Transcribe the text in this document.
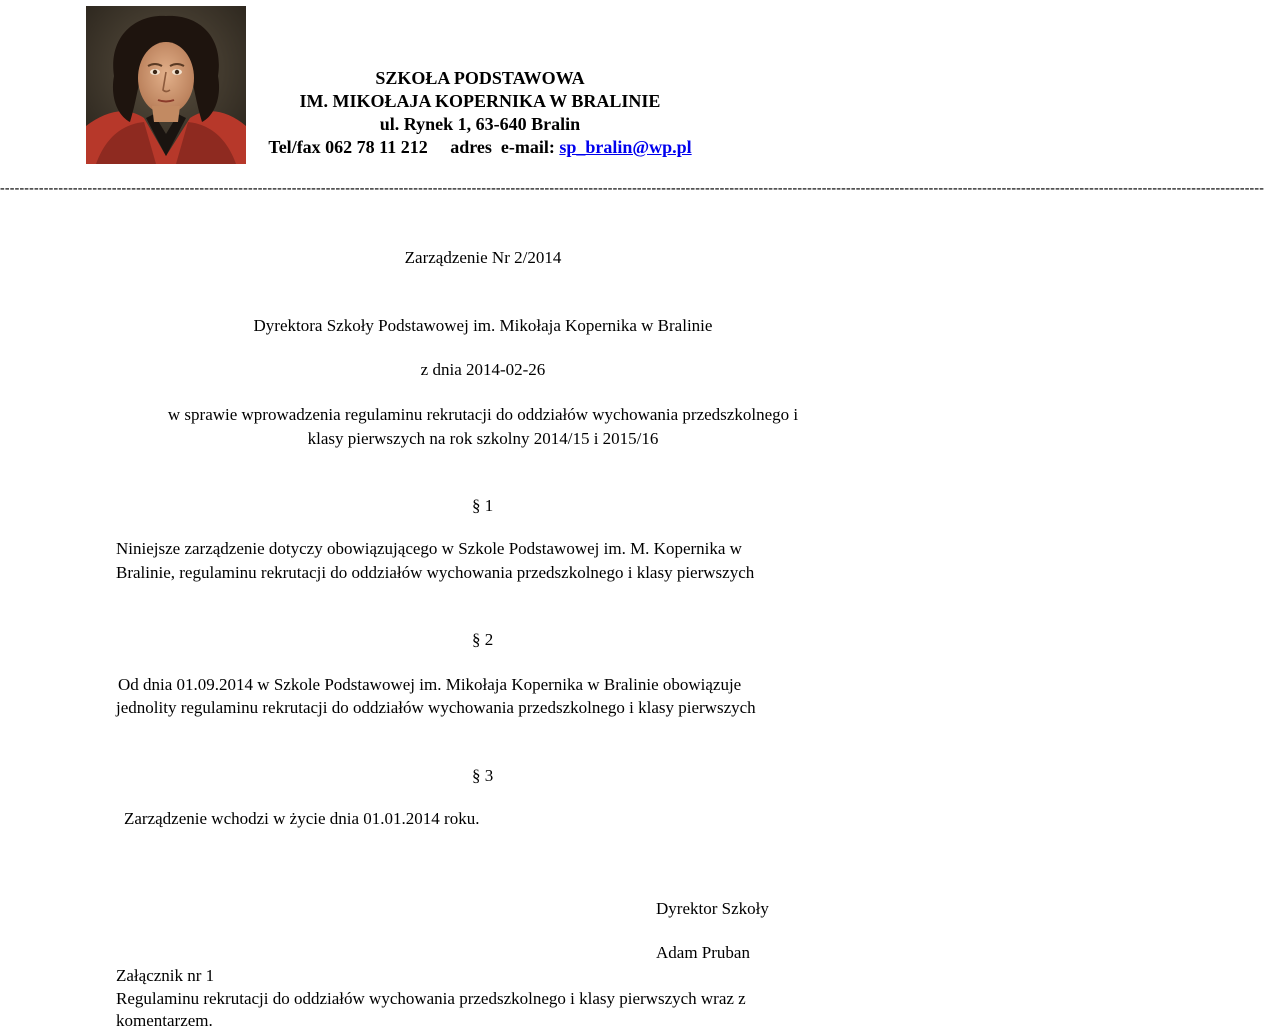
SZKOŁA PODSTAWOWA
IM. MIKOŁAJA KOPERNIKA W BRALINIE
ul. Rynek 1, 63-640 Bralin
Tel/fax 062 78 11 212     adres  e-mail: sp_bralin@wp.pl
--------------------------------------------------------------------------------------------------------------------------------------------------------------------------------------------------------------------------------------------------------------------
Zarządzenie Nr 2/2014
Dyrektora Szkoły Podstawowej im. Mikołaja Kopernika w Bralinie
z dnia 2014-02-26
w sprawie wprowadzenia regulaminu rekrutacji do oddziałów wychowania przedszkolnego i
klasy pierwszych na rok szkolny 2014/15 i 2015/16
§ 1
Niniejsze zarządzenie dotyczy obowiązującego w Szkole Podstawowej im. M. Kopernika w
Bralinie, regulaminu rekrutacji do oddziałów wychowania przedszkolnego i klasy pierwszych
§ 2
Od dnia 01.09.2014 w Szkole Podstawowej im. Mikołaja Kopernika w Bralinie obowiązuje
jednolity regulaminu rekrutacji do oddziałów wychowania przedszkolnego i klasy pierwszych
§ 3
Zarządzenie wchodzi w życie dnia 01.01.2014 roku.
Dyrektor Szkoły
Adam Pruban
Załącznik nr 1
Regulaminu rekrutacji do oddziałów wychowania przedszkolnego i klasy pierwszych wraz z
komentarzem.
